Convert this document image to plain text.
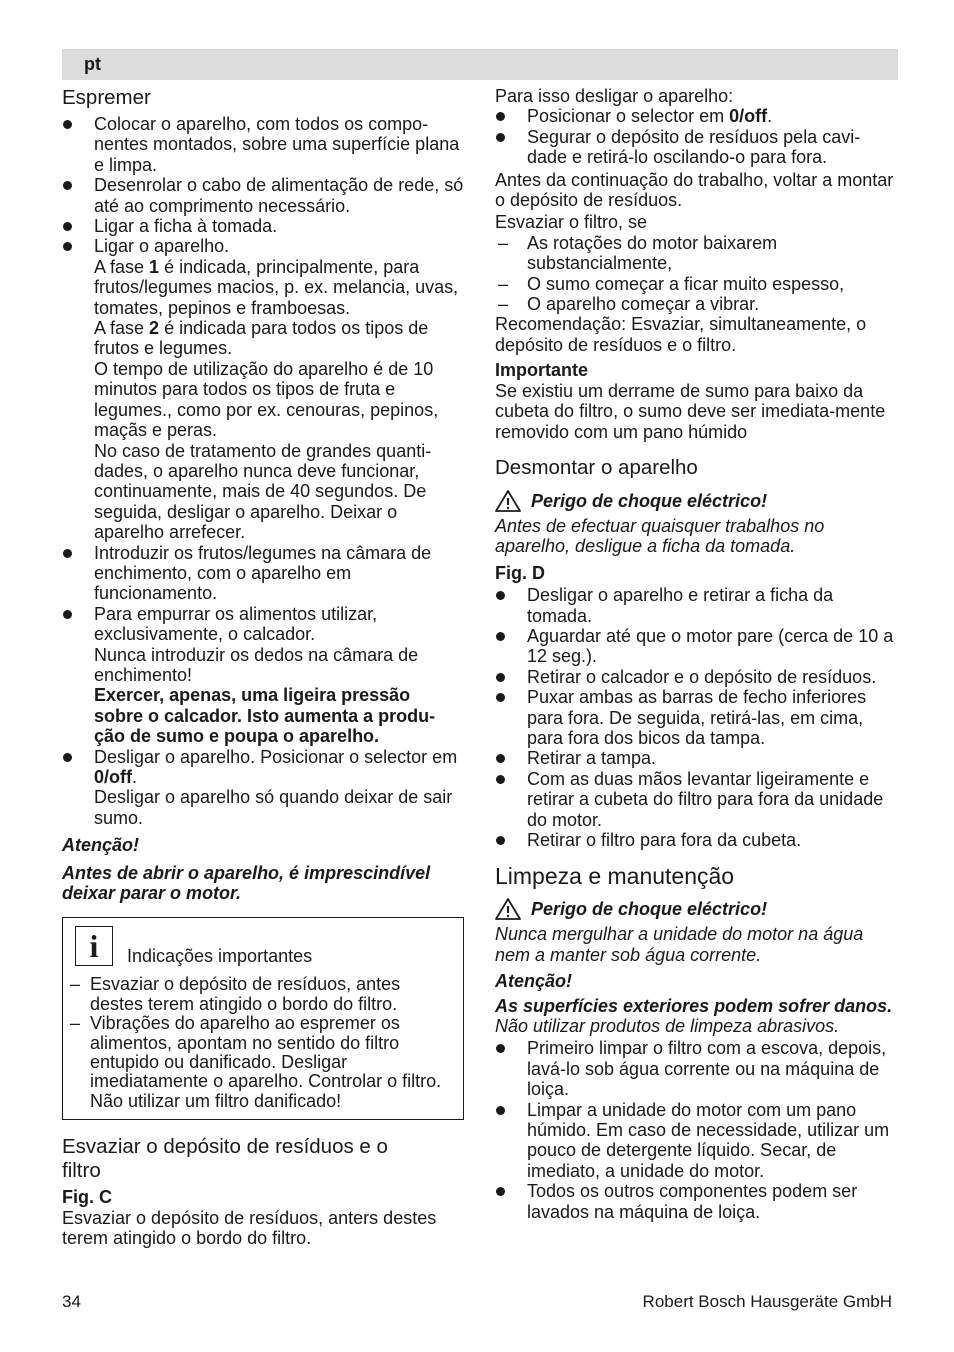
pt

Espremer

Colocar o aparelho, com todos os compo-nentes montados, sobre uma superfície plana e limpa.
Desenrolar o cabo de alimentação de rede, só até ao comprimento necessário.
Ligar a ficha à tomada.
Ligar o aparelho.
A fase 1 é indicada, principalmente, para frutos/legumes macios, p. ex. melancia, uvas, tomates, pepinos e framboesas.
A fase 2 é indicada para todos os tipos de frutos e legumes.
O tempo de utilização do aparelho é de 10 minutos para todos os tipos de fruta e legumes., como por ex. cenouras, pepinos, maçãs e peras.
No caso de tratamento de grandes quanti-dades, o aparelho nunca deve funcionar, continuamente, mais de 40 segundos. De seguida, desligar o aparelho. Deixar o aparelho arrefecer.
Introduzir os frutos/legumes na câmara de enchimento, com o aparelho em funcionamento.
Para empurrar os alimentos utilizar, exclusivamente, o calcador.
Nunca introduzir os dedos na câmara de enchimento!
Exercer, apenas, uma ligeira pressão sobre o calcador. Isto aumenta a produ-ção de sumo e poupa o aparelho.
Desligar o aparelho. Posicionar o selector em 0/off.
Desligar o aparelho só quando deixar de sair sumo.

Atenção!

Antes de abrir o aparelho, é imprescindível deixar parar o motor.

i	Indicações importantes
– Esvaziar o depósito de resíduos, antes destes terem atingido o bordo do filtro.
– Vibrações do aparelho ao espremer os alimentos, apontam no sentido do filtro entupido ou danificado. Desligar imediatamente o aparelho. Controlar o filtro. Não utilizar um filtro danificado!

Esvaziar o depósito de resíduos e o filtro

Fig. C

Esvaziar o depósito de resíduos, anters destes terem atingido o bordo do filtro.

Para isso desligar o aparelho:

Posicionar o selector em 0/off.
Segurar o depósito de resíduos pela cavi-dade e retirá-lo oscilando-o para fora.

Antes da continuação do trabalho, voltar a montar o depósito de resíduos.

Esvaziar o filtro, se

– As rotações do motor baixarem substancialmente,
– O sumo começar a ficar muito espesso,
– O aparelho começar a vibrar.

Recomendação: Esvaziar, simultaneamente, o depósito de resíduos e o filtro.

Importante

Se existiu um derrame de sumo para baixo da cubeta do filtro, o sumo deve ser imediata-mente removido com um pano húmido

Desmontar o aparelho

Perigo de choque eléctrico!

Antes de efectuar quaisquer trabalhos no aparelho, desligue a ficha da tomada.

Fig. D

Desligar o aparelho e retirar a ficha da tomada.
Aguardar até que o motor pare (cerca de 10 a 12 seg.).
Retirar o calcador e o depósito de resíduos.
Puxar ambas as barras de fecho inferiores para fora. De seguida, retirá-las, em cima, para fora dos bicos da tampa.
Retirar a tampa.
Com as duas mãos levantar ligeiramente e retirar a cubeta do filtro para fora da unidade do motor.
Retirar o filtro para fora da cubeta.

Limpeza e manutenção

Perigo de choque eléctrico!

Nunca mergulhar a unidade do motor na água nem a manter sob água corrente.

Atenção!

As superfícies exteriores podem sofrer danos. Não utilizar produtos de limpeza abrasivos.

Primeiro limpar o filtro com a escova, depois, lavá-lo sob água corrente ou na máquina de loiça.
Limpar a unidade do motor com um pano húmido. Em caso de necessidade, utilizar um pouco de detergente líquido. Secar, de imediato, a unidade do motor.
Todos os outros componentes podem ser lavados na máquina de loiça.
34	Robert Bosch Hausgeräte GmbH
